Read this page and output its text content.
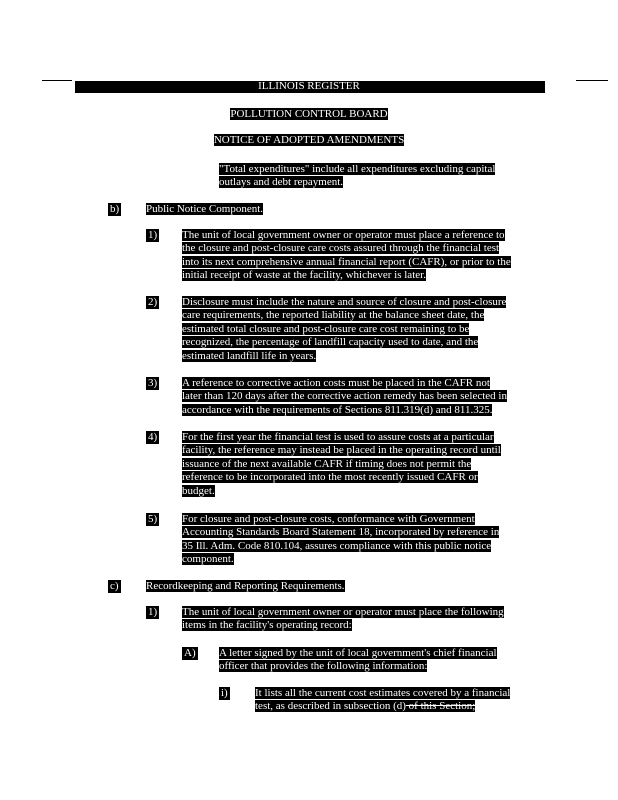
ILLINOIS REGISTER
POLLUTION CONTROL BOARD
NOTICE OF ADOPTED AMENDMENTS

"Total expenditures" include all expenditures excluding capital

outlays and debt repayment.

b) Public Notice Component.

1) The unit of local government owner or operator must place a reference to

the closure and post-closure care costs assured through the financial test

into its next comprehensive annual financial report (CAFR), or prior to the

initial receipt of waste at the facility, whichever is later.

2) Disclosure must include the nature and source of closure and post-closure

care requirements, the reported liability at the balance sheet date, the

estimated total closure and post-closure care cost remaining to be

recognized, the percentage of landfill capacity used to date, and the

estimated landfill life in years.

3) A reference to corrective action costs must be placed in the CAFR not

later than 120 days after the corrective action remedy has been selected in

accordance with the requirements of Sections 811.319(d) and 811.325.

4) For the first year the financial test is used to assure costs at a particular

facility, the reference may instead be placed in the operating record until

issuance of the next available CAFR if timing does not permit the

reference to be incorporated into the most recently issued CAFR or

budget.

5) For closure and post-closure costs, conformance with Government

Accounting Standards Board Statement 18, incorporated by reference in

35 Ill. Adm. Code 810.104, assures compliance with this public notice

component.

c) Recordkeeping and Reporting Requirements.

1) The unit of local government owner or operator must place the following

items in the facility's operating record:

A) A letter signed by the unit of local government's chief financial

officer that provides the following information:

i) It lists all the current cost estimates covered by a financial

test, as described in subsection (d) of this Section;
